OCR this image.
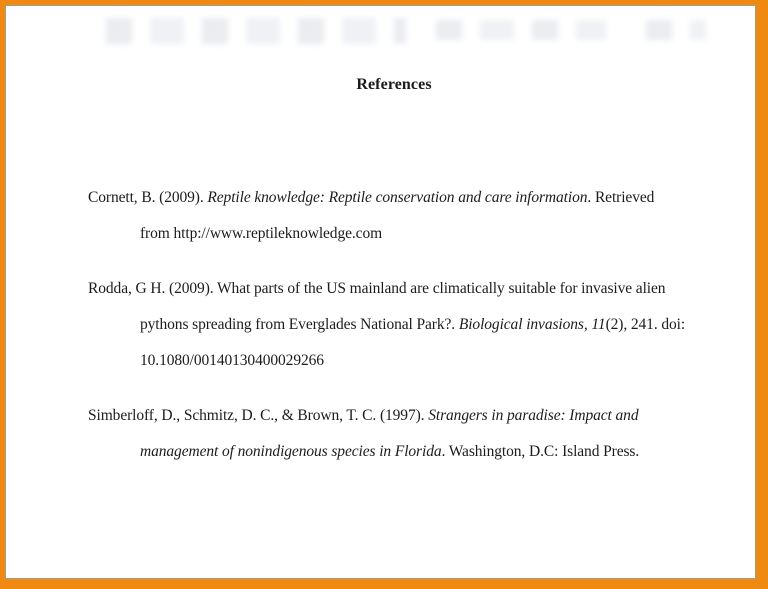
References
Cornett, B. (2009). Reptile knowledge: Reptile conservation and care information. Retrieved
from http://www.reptileknowledge.com
Rodda, G H. (2009). What parts of the US mainland are climatically suitable for invasive alien
pythons spreading from Everglades National Park?. Biological invasions, 11(2), 241. doi:
10.1080/00140130400029266
Simberloff, D., Schmitz, D. C., & Brown, T. C. (1997). Strangers in paradise: Impact and
management of nonindigenous species in Florida. Washington, D.C: Island Press.
